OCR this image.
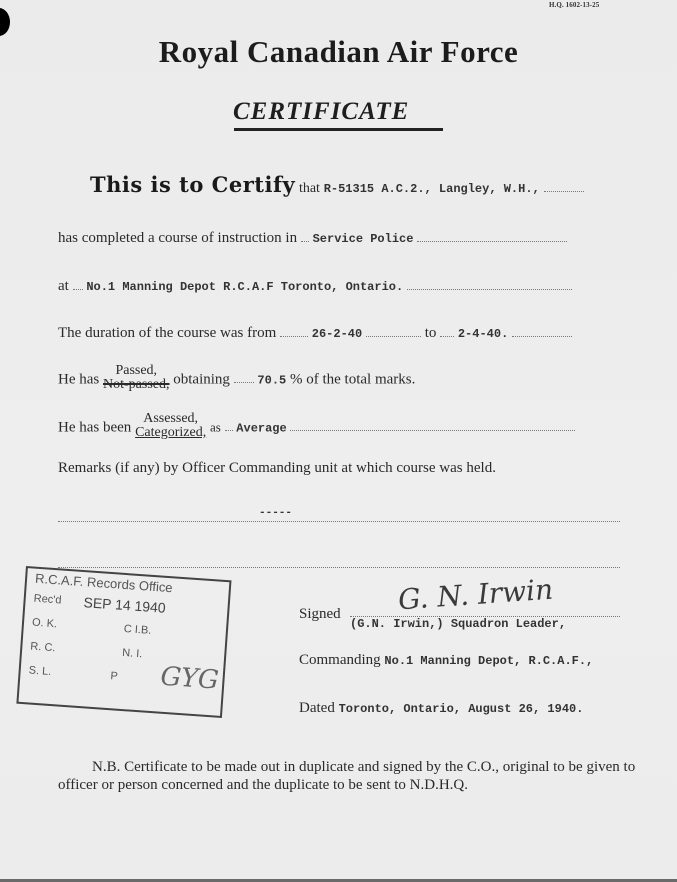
H.Q. 1602-13-25
Royal Canadian Air Force
CERTIFICATE
This is to Certify that R-51315 A.C.2., Langley, W.H.,
has completed a course of instruction in Service Police
at No.1 Manning Depot R.C.A.F Toronto, Ontario.
The duration of the course was from	26-2-40	to 2-4-40.
He has
Passed,
Not-passed, obtaining 70.5 % of the total marks.
He has been
Assessed,
Categorized, as Average
Remarks (if any) by Officer Commanding unit at which course was held.
-----
R.C.A.F. Records Office
Rec'd SEP 14 1940
O. K.	C I.B.
R. C.	N. I.
S. L.	P GYG
G. N. Irwin
Signed
(G.N. Irwin,) Squadron Leader,
Commanding No.1 Manning Depot, R.C.A.F.,
Dated Toronto, Ontario, August 26, 1940.
N.B. Certificate to be made out in duplicate and signed by the C.O., original to be given to officer or person concerned and the duplicate to be sent to N.D.H.Q.
